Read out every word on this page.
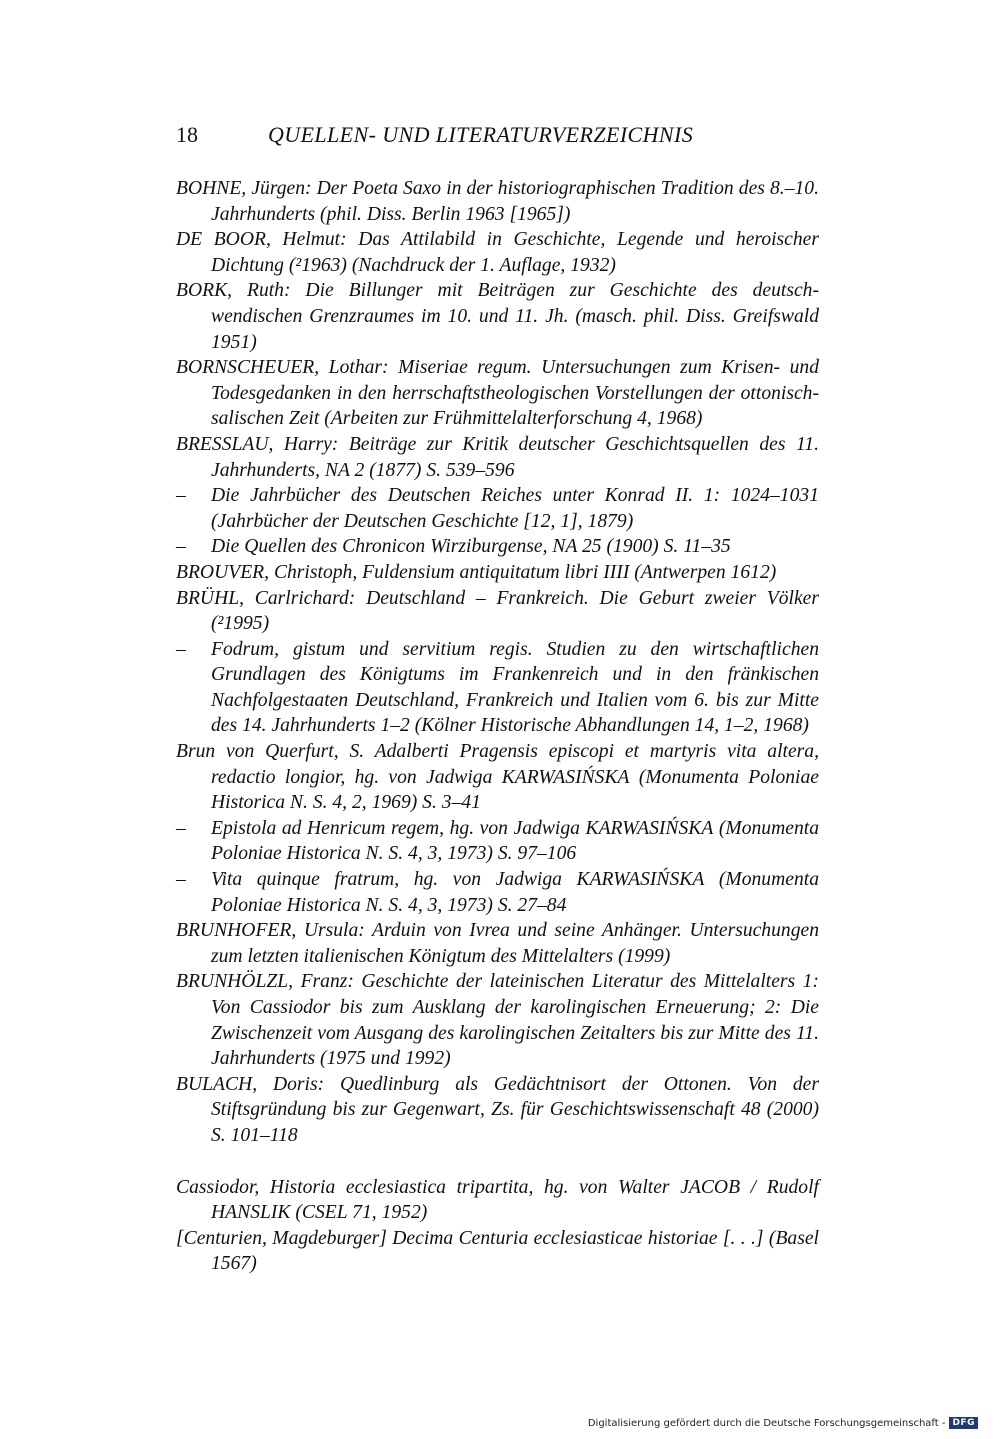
18	QUELLEN- UND LITERATURVERZEICHNIS
BOHNE, Jürgen: Der Poeta Saxo in der historiographischen Tradition des 8.–10. Jahrhunderts (phil. Diss. Berlin 1963 [1965])
DE BOOR, Helmut: Das Attilabild in Geschichte, Legende und heroischer Dichtung (²1963) (Nachdruck der 1. Auflage, 1932)
BORK, Ruth: Die Billunger mit Beiträgen zur Geschichte des deutsch-wendischen Grenzraumes im 10. und 11. Jh. (masch. phil. Diss. Greifswald 1951)
BORNSCHEUER, Lothar: Miseriae regum. Untersuchungen zum Krisen- und Todesgedanken in den herrschaftstheologischen Vorstellungen der ottonisch-salischen Zeit (Arbeiten zur Frühmittelalterforschung 4, 1968)
BRESSLAU, Harry: Beiträge zur Kritik deutscher Geschichtsquellen des 11. Jahrhunderts, NA 2 (1877) S. 539–596
–	Die Jahrbücher des Deutschen Reiches unter Konrad II. 1: 1024–1031 (Jahrbücher der Deutschen Geschichte [12, 1], 1879)
–	Die Quellen des Chronicon Wirziburgense, NA 25 (1900) S. 11–35
BROUVER, Christoph, Fuldensium antiquitatum libri IIII (Antwerpen 1612)
BRÜHL, Carlrichard: Deutschland – Frankreich. Die Geburt zweier Völker (²1995)
–	Fodrum, gistum und servitium regis. Studien zu den wirtschaftlichen Grundlagen des Königtums im Frankenreich und in den fränkischen Nachfolgestaaten Deutschland, Frankreich und Italien vom 6. bis zur Mitte des 14. Jahrhunderts 1–2 (Kölner Historische Abhandlungen 14, 1–2, 1968)
Brun von Querfurt, S. Adalberti Pragensis episcopi et martyris vita altera, redactio longior, hg. von Jadwiga KARWASIŃSKA (Monumenta Poloniae Historica N. S. 4, 2, 1969) S. 3–41
–	Epistola ad Henricum regem, hg. von Jadwiga KARWASIŃSKA (Monumenta Poloniae Historica N. S. 4, 3, 1973) S. 97–106
–	Vita quinque fratrum, hg. von Jadwiga KARWASIŃSKA (Monumenta Poloniae Historica N. S. 4, 3, 1973) S. 27–84
BRUNHOFER, Ursula: Arduin von Ivrea und seine Anhänger. Untersuchungen zum letzten italienischen Königtum des Mittelalters (1999)
BRUNHÖLZL, Franz: Geschichte der lateinischen Literatur des Mittelalters 1: Von Cassiodor bis zum Ausklang der karolingischen Erneuerung; 2: Die Zwischenzeit vom Ausgang des karolingischen Zeitalters bis zur Mitte des 11. Jahrhunderts (1975 und 1992)
BULACH, Doris: Quedlinburg als Gedächtnisort der Ottonen. Von der Stiftsgründung bis zur Gegenwart, Zs. für Geschichtswissenschaft 48 (2000) S. 101–118
Cassiodor, Historia ecclesiastica tripartita, hg. von Walter JACOB / Rudolf HANSLIK (CSEL 71, 1952)
[Centurien, Magdeburger] Decima Centuria ecclesiasticae historiae [. . .] (Basel 1567)
Digitalisierung gefördert durch die Deutsche Forschungsgemeinschaft - DFG
